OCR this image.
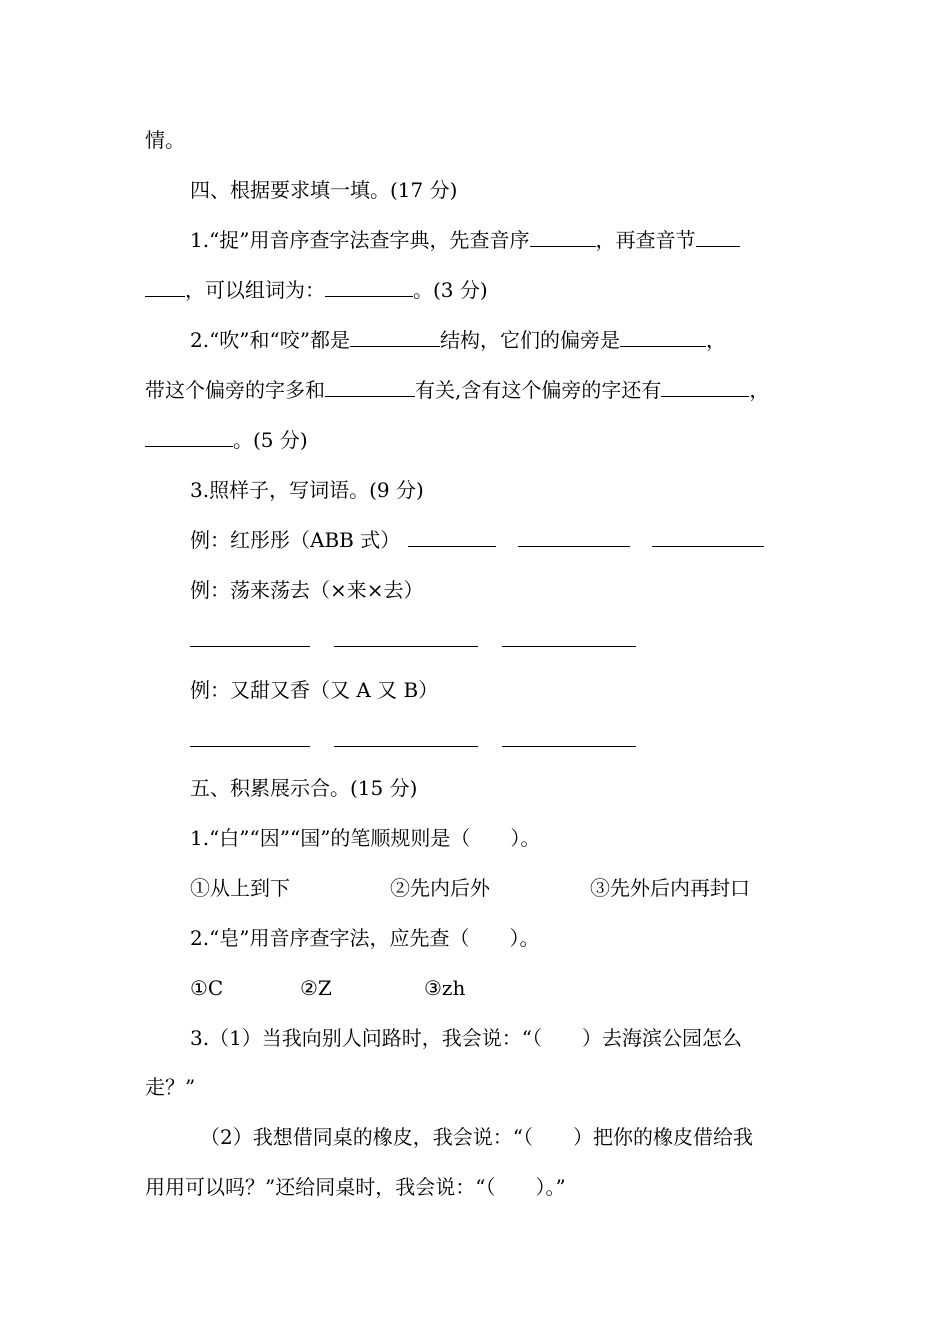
情。
四、根据要求填一填。(17 分)
1.“捉”用音序查字法查字典，先查音序	，再查音节
，可以组词为：	。(3 分)
2.“吹”和“咬”都是	结构，它们的偏旁是	，
带这个偏旁的字多和	有关,含有这个偏旁的字还有	，
。(5 分)
3.照样子，写词语。(9 分)
例：红彤彤（ABB 式）
例：荡来荡去（×来×去）
例：又甜又香（又 A 又 B）
五、积累展示合。(15 分)
1.“白”“因”“国”的笔顺规则是（　　）。
①从上到下	②先内后外	③先外后内再封口
2.“皂”用音序查字法，应先查（　　）。
①C	②Z	③zh
3.（1）当我向别人问路时，我会说：“（　　）去海滨公园怎么
走？”
（2）我想借同桌的橡皮，我会说：“（　　）把你的橡皮借给我
用用可以吗？”还给同桌时，我会说：“（　　）。”
